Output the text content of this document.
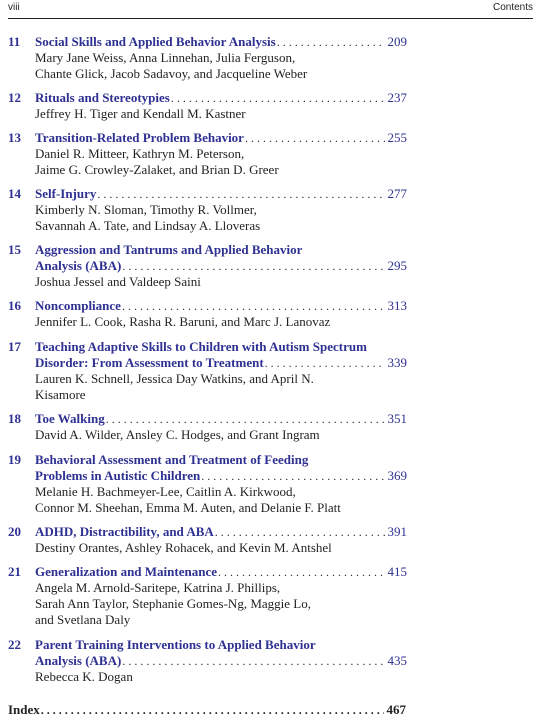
viii	Contents
11	Social Skills and Applied Behavior Analysis . . .	209
Mary Jane Weiss, Anna Linnehan, Julia Ferguson,
Chante Glick, Jacob Sadavoy, and Jacqueline Weber
12	Rituals and Stereotypies . . .	237
Jeffrey H. Tiger and Kendall M. Kastner
13	Transition-Related Problem Behavior . . .	255
Daniel R. Mitteer, Kathryn M. Peterson,
Jaime G. Crowley-Zalaket, and Brian D. Greer
14	Self-Injury . . .	277
Kimberly N. Sloman, Timothy R. Vollmer,
Savannah A. Tate, and Lindsay A. Lloveras
15	Aggression and Tantrums and Applied Behavior
Analysis (ABA) . . .	295
Joshua Jessel and Valdeep Saini
16	Noncompliance . . .	313
Jennifer L. Cook, Rasha R. Baruni, and Marc J. Lanovaz
17	Teaching Adaptive Skills to Children with Autism Spectrum
Disorder: From Assessment to Treatment . . .	339
Lauren K. Schnell, Jessica Day Watkins, and April N.
Kisamore
18	Toe Walking . . .	351
David A. Wilder, Ansley C. Hodges, and Grant Ingram
19	Behavioral Assessment and Treatment of Feeding
Problems in Autistic Children . . .	369
Melanie H. Bachmeyer-Lee, Caitlin A. Kirkwood,
Connor M. Sheehan, Emma M. Auten, and Delanie F. Platt
20	ADHD, Distractibility, and ABA . . .	391
Destiny Orantes, Ashley Rohacek, and Kevin M. Antshel
21	Generalization and Maintenance . . .	415
Angela M. Arnold-Saritepe, Katrina J. Phillips,
Sarah Ann Taylor, Stephanie Gomes-Ng, Maggie Lo,
and Svetlana Daly
22	Parent Training Interventions to Applied Behavior
Analysis (ABA) . . .	435
Rebecca K. Dogan
Index . . .	467
